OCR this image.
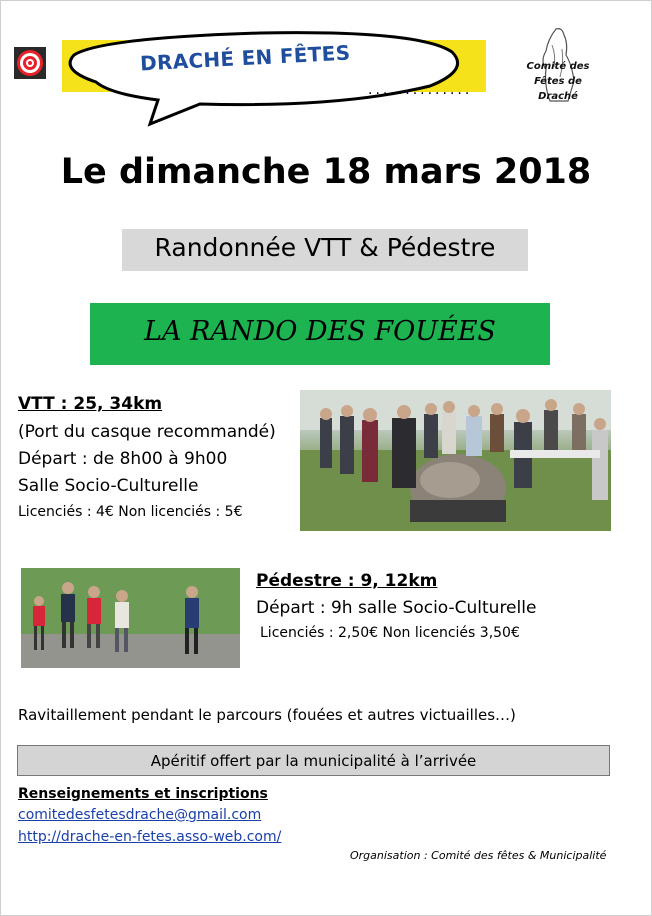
DRACHÉ EN FÊTES
..............
Comité des Fêtes de Draché
Le dimanche 18 mars 2018
Randonnée VTT & Pédestre
LA RANDO DES FOUÉES
VTT : 25, 34km
(Port du casque recommandé)
Départ : de 8h00 à 9h00
Salle Socio-Culturelle
Licenciés : 4€ Non licenciés : 5€
Pédestre : 9, 12km
Départ : 9h salle Socio-Culturelle
Licenciés : 2,50€ Non licenciés 3,50€
Ravitaillement pendant le parcours (fouées et autres victuailles…)
Apéritif offert par la municipalité à l’arrivée
Renseignements et inscriptions
comitedesfetesdrache@gmail.com
http://drache-en-fetes.asso-web.com/
Organisation : Comité des fêtes & Municipalité
